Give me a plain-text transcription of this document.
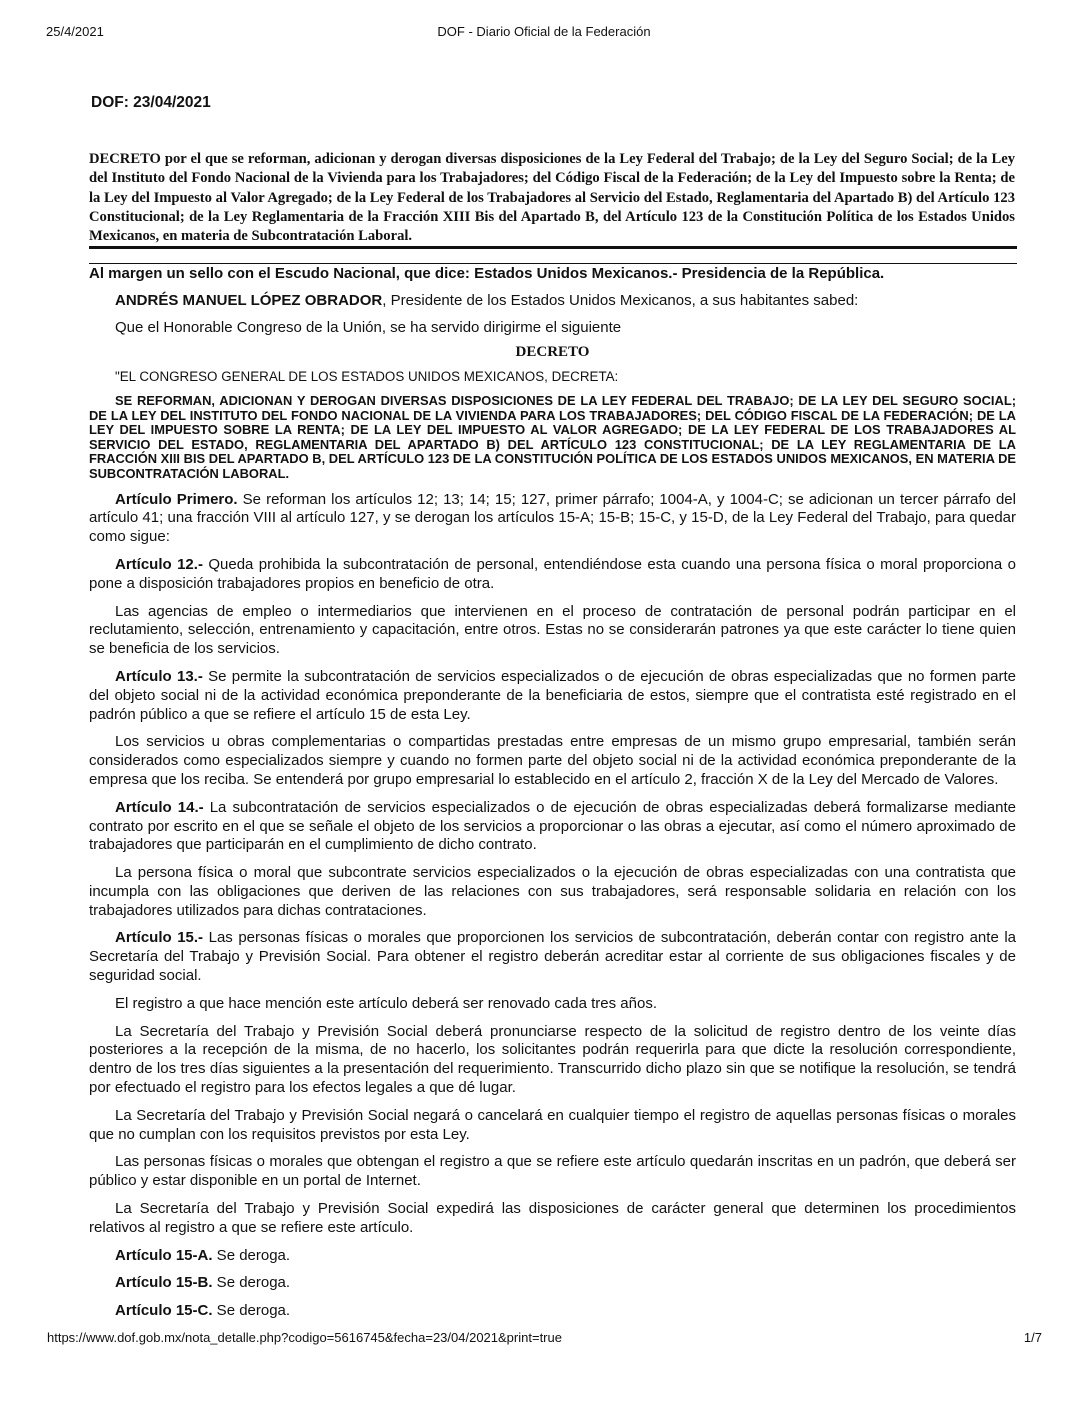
25/4/2021	DOF - Diario Oficial de la Federación
DOF: 23/04/2021

DECRETO por el que se reforman, adicionan y derogan diversas disposiciones de la Ley Federal del Trabajo; de la Ley del Seguro Social; de la Ley del Instituto del Fondo Nacional de la Vivienda para los Trabajadores; del Código Fiscal de la Federación; de la Ley del Impuesto sobre la Renta; de la Ley del Impuesto al Valor Agregado; de la Ley Federal de los Trabajadores al Servicio del Estado, Reglamentaria del Apartado B) del Artículo 123 Constitucional; de la Ley Reglamentaria de la Fracción XIII Bis del Apartado B, del Artículo 123 de la Constitución Política de los Estados Unidos Mexicanos, en materia de Subcontratación Laboral.

Al margen un sello con el Escudo Nacional, que dice: Estados Unidos Mexicanos.- Presidencia de la República.

ANDRÉS MANUEL LÓPEZ OBRADOR, Presidente de los Estados Unidos Mexicanos, a sus habitantes sabed:

Que el Honorable Congreso de la Unión, se ha servido dirigirme el siguiente

DECRETO

"EL CONGRESO GENERAL DE LOS ESTADOS UNIDOS MEXICANOS, DECRETA:

SE REFORMAN, ADICIONAN Y DEROGAN DIVERSAS DISPOSICIONES DE LA LEY FEDERAL DEL TRABAJO; DE LA LEY DEL SEGURO SOCIAL; DE LA LEY DEL INSTITUTO DEL FONDO NACIONAL DE LA VIVIENDA PARA LOS TRABAJADORES; DEL CÓDIGO FISCAL DE LA FEDERACIÓN; DE LA LEY DEL IMPUESTO SOBRE LA RENTA; DE LA LEY DEL IMPUESTO AL VALOR AGREGADO; DE LA LEY FEDERAL DE LOS TRABAJADORES AL SERVICIO DEL ESTADO, REGLAMENTARIA DEL APARTADO B) DEL ARTÍCULO 123 CONSTITUCIONAL; DE LA LEY REGLAMENTARIA DE LA FRACCIÓN XIII BIS DEL APARTADO B, DEL ARTÍCULO 123 DE LA CONSTITUCIÓN POLÍTICA DE LOS ESTADOS UNIDOS MEXICANOS, EN MATERIA DE SUBCONTRATACIÓN LABORAL.

Artículo Primero. Se reforman los artículos 12; 13; 14; 15; 127, primer párrafo; 1004-A, y 1004-C; se adicionan un tercer párrafo del artículo 41; una fracción VIII al artículo 127, y se derogan los artículos 15-A; 15-B; 15-C, y 15-D, de la Ley Federal del Trabajo, para quedar como sigue:

Artículo 12.- Queda prohibida la subcontratación de personal, entendiéndose esta cuando una persona física o moral proporciona o pone a disposición trabajadores propios en beneficio de otra.

Las agencias de empleo o intermediarios que intervienen en el proceso de contratación de personal podrán participar en el reclutamiento, selección, entrenamiento y capacitación, entre otros. Estas no se considerarán patrones ya que este carácter lo tiene quien se beneficia de los servicios.

Artículo 13.- Se permite la subcontratación de servicios especializados o de ejecución de obras especializadas que no formen parte del objeto social ni de la actividad económica preponderante de la beneficiaria de estos, siempre que el contratista esté registrado en el padrón público a que se refiere el artículo 15 de esta Ley.

Los servicios u obras complementarias o compartidas prestadas entre empresas de un mismo grupo empresarial, también serán considerados como especializados siempre y cuando no formen parte del objeto social ni de la actividad económica preponderante de la empresa que los reciba. Se entenderá por grupo empresarial lo establecido en el artículo 2, fracción X de la Ley del Mercado de Valores.

Artículo 14.- La subcontratación de servicios especializados o de ejecución de obras especializadas deberá formalizarse mediante contrato por escrito en el que se señale el objeto de los servicios a proporcionar o las obras a ejecutar, así como el número aproximado de trabajadores que participarán en el cumplimiento de dicho contrato.

La persona física o moral que subcontrate servicios especializados o la ejecución de obras especializadas con una contratista que incumpla con las obligaciones que deriven de las relaciones con sus trabajadores, será responsable solidaria en relación con los trabajadores utilizados para dichas contrataciones.

Artículo 15.- Las personas físicas o morales que proporcionen los servicios de subcontratación, deberán contar con registro ante la Secretaría del Trabajo y Previsión Social. Para obtener el registro deberán acreditar estar al corriente de sus obligaciones fiscales y de seguridad social.

El registro a que hace mención este artículo deberá ser renovado cada tres años.

La Secretaría del Trabajo y Previsión Social deberá pronunciarse respecto de la solicitud de registro dentro de los veinte días posteriores a la recepción de la misma, de no hacerlo, los solicitantes podrán requerirla para que dicte la resolución correspondiente, dentro de los tres días siguientes a la presentación del requerimiento. Transcurrido dicho plazo sin que se notifique la resolución, se tendrá por efectuado el registro para los efectos legales a que dé lugar.

La Secretaría del Trabajo y Previsión Social negará o cancelará en cualquier tiempo el registro de aquellas personas físicas o morales que no cumplan con los requisitos previstos por esta Ley.

Las personas físicas o morales que obtengan el registro a que se refiere este artículo quedarán inscritas en un padrón, que deberá ser público y estar disponible en un portal de Internet.

La Secretaría del Trabajo y Previsión Social expedirá las disposiciones de carácter general que determinen los procedimientos relativos al registro a que se refiere este artículo.

Artículo 15-A. Se deroga.

Artículo 15-B. Se deroga.

Artículo 15-C. Se deroga.

https://www.dof.gob.mx/nota_detalle.php?codigo=5616745&fecha=23/04/2021&print=true	1/7
